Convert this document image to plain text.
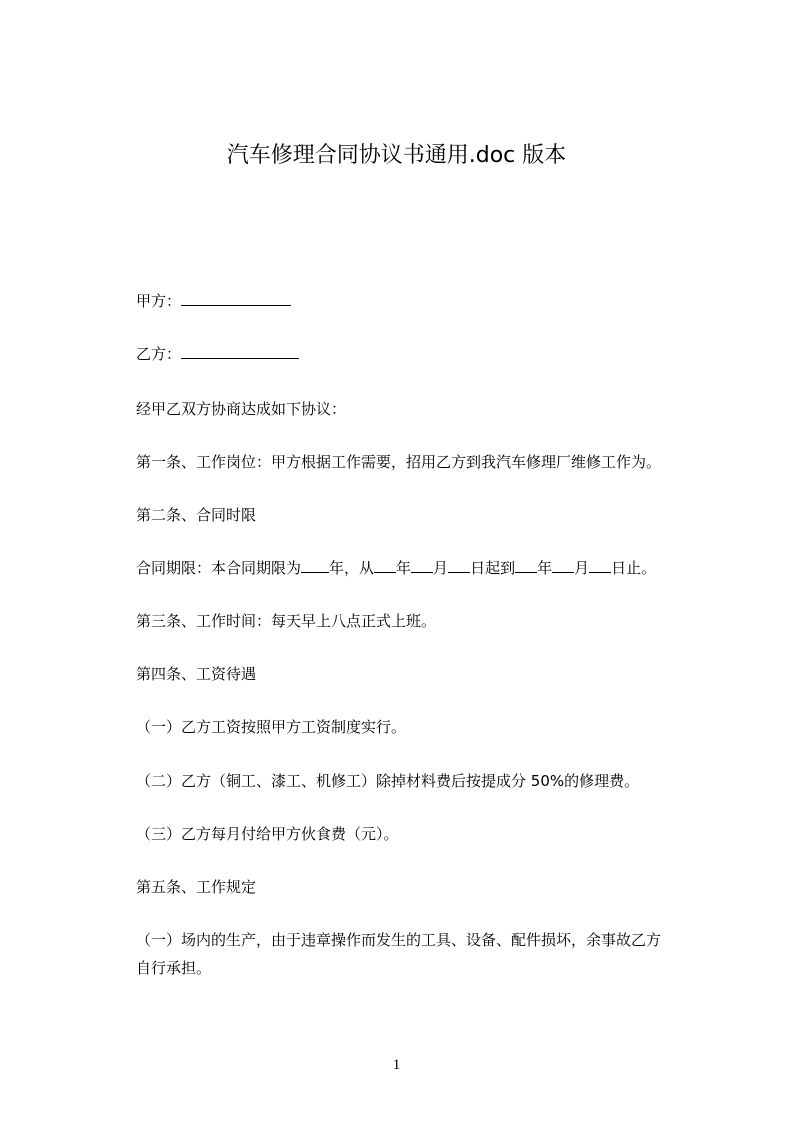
汽车修理合同协议书通用.doc 版本
甲方：
乙方：
经甲乙双方协商达成如下协议：
第一条、工作岗位：甲方根据工作需要，招用乙方到我汽车修理厂维修工作为。
第二条、合同时限
合同期限：本合同期限为 年，从 年 月 日起到 年 月 日止。
第三条、工作时间：每天早上八点正式上班。
第四条、工资待遇
（一）乙方工资按照甲方工资制度实行。
（二）乙方（铜工、漆工、机修工）除掉材料费后按提成分 50%的修理费。
（三）乙方每月付给甲方伙食费（元）。
第五条、工作规定
（一）场内的生产，由于违章操作而发生的工具、设备、配件损坏，余事故乙方
自行承担。
1
